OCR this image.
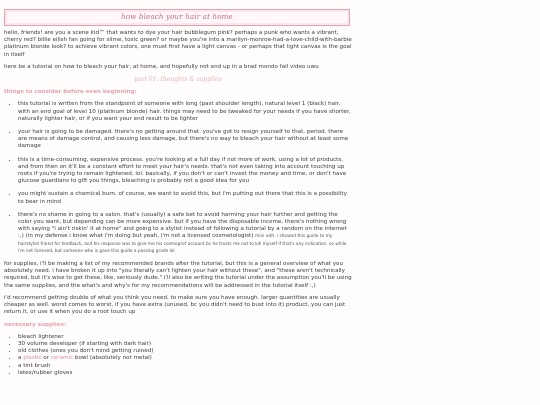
how bleach your hair at home

hello, friends! are you a scene kid™ that wants to dye your hair bubblegum pink? perhaps a punk who wants a vibrant, cherry red? billie eilish fan going for slime, toxic green? or maybe you're into a marilyn-monroe-had-a-love-child-with-barbie platinum blonde look? to achieve vibrant colors, one must first have a light canvas - or perhaps that light canvas is the goal in itself

here be a tutorial on how to bleach your hair, at home, and hopefully not end up in a brad mondo fail video uwu

part 01: thoughts & supplies
things to consider before even beginning:
• this tutorial is written from the standpoint of someone with long (past shoulder length), natural level 1 (black) hair, with an end goal of level 10 (platinum blonde) hair. things may need to be tweaked for your needs if you have shorter, naturally lighter hair, or if you want your end result to be lighter
• your hair is going to be damaged. there's no getting around that. you've got to resign yourself to that, period. there are means of damage control, and causing less damage, but there's no way to bleach your hair without at least some damage
• this is a time-consuming, expensive process. you're looking at a full day if not more of work, using a lot of products, and from then on it'll be a constant effort to meet your hair's needs. that's not even taking into account touching up roots if you're trying to remain lightened, lol. basically, if you don't or can't invest the money and time, or don't have glucose guardians to gift you things, bleaching is probably not a good idea for you
• you might sustain a chemical burn. of course, we want to avoid this, but i'm putting out there that this is a possibility to bear in mind
• there's no shame in going to a salon. that's (usually) a safe bet to avoid harming your hair further and getting the color you want, but depending can be more expensive. but if you have the disposable income, there's nothing wrong with saying "i ain't riskin' it at home" and going to a stylist instead of following a tutorial by a random on the internet :,) (in my defense i know what i'm doing but yeah, i'm not a licensed cosmetologist) mini edit: i showed this guide to my hairstylist friend for feedback, and his response was to give me his cosmoprof account bc he trusts me not to kill myself if that's any indication. so while i'm not licensed, but someone who is gave this guide a passing grade lol

for supplies, i'll be making a list of my recommended brands after the tutorial, but this is a general overview of what you absolutely need. i have broken it up into "you literally can't lighten your hair without these", and "these aren't technically required, but it's wise to get these, like, seriously dude." i'll also be writing the tutorial under the assumption you'll be using the same supplies, and the what's and why's for my recommendations will be addressed in the tutorial itself :,)

i'd recommend getting double of what you think you need, to make sure you have enough. larger quantities are usually cheaper as well. worst comes to worst, if you have extra (unused, bc you didn't need to bust into it) product, you can just return it, or use it when you do a root touch up

necessary supplies:
• bleach lightener
• 30 volume developer (if starting with dark hair)
• old clothes (ones you don't mind getting ruined)
• a plastic or ceramic bowl (absolutely not metal)
• a tint brush
• latex/rubber gloves
